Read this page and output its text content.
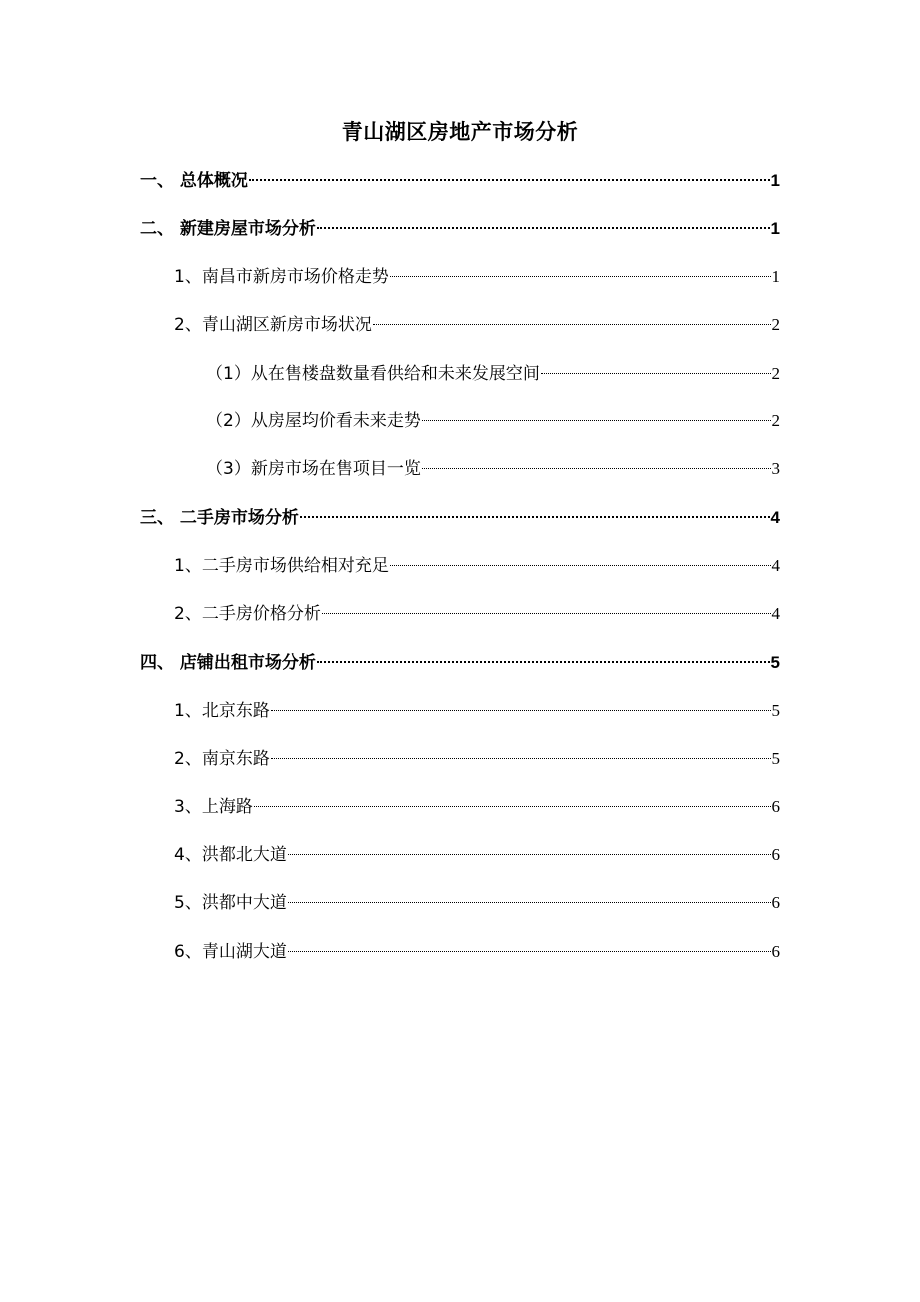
青山湖区房地产市场分析
一、 总体概况	1
二、 新建房屋市场分析	1
1、南昌市新房市场价格走势	1
2、青山湖区新房市场状况	2
（1）从在售楼盘数量看供给和未来发展空间	2
（2）从房屋均价看未来走势	2
（3）新房市场在售项目一览	3
三、 二手房市场分析	4
1、二手房市场供给相对充足	4
2、二手房价格分析	4
四、 店铺出租市场分析	5
1、北京东路	5
2、南京东路	5
3、上海路	6
4、洪都北大道	6
5、洪都中大道	6
6、青山湖大道	6
